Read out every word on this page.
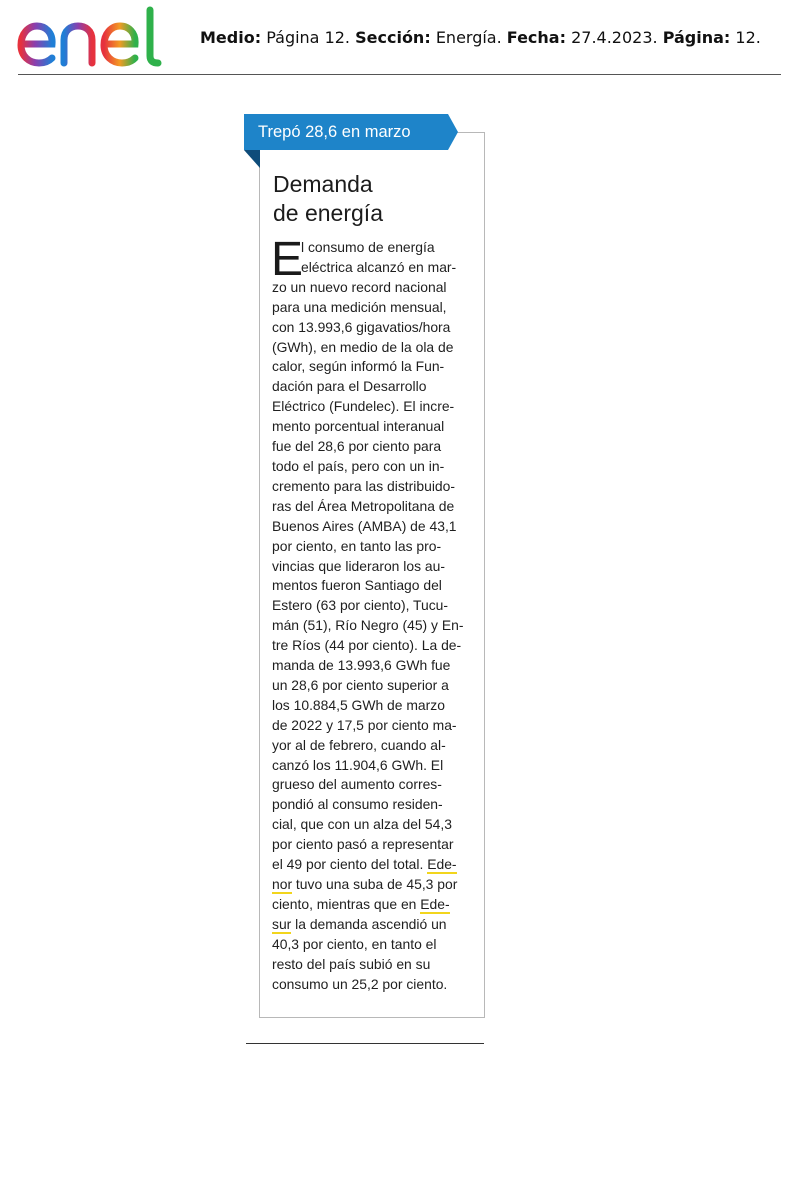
Medio: Página 12. Sección: Energía. Fecha: 27.4.2023. Página: 12.
Trepó 28,6 en marzo
Demanda
de energía
E
l consumo de energía
eléctrica alcanzó en mar-
zo un nuevo record nacional
para una medición mensual,
con 13.993,6 gigavatios/hora
(GWh), en medio de la ola de
calor, según informó la Fun-
dación para el Desarrollo
Eléctrico (Fundelec). El incre-
mento porcentual interanual
fue del 28,6 por ciento para
todo el país, pero con un in-
cremento para las distribuido-
ras del Área Metropolitana de
Buenos Aires (AMBA) de 43,1
por ciento, en tanto las pro-
vincias que lideraron los au-
mentos fueron Santiago del
Estero (63 por ciento), Tucu-
mán (51), Río Negro (45) y En-
tre Ríos (44 por ciento). La de-
manda de 13.993,6 GWh fue
un 28,6 por ciento superior a
los 10.884,5 GWh de marzo
de 2022 y 17,5 por ciento ma-
yor al de febrero, cuando al-
canzó los 11.904,6 GWh. El
grueso del aumento corres-
pondió al consumo residen-
cial, que con un alza del 54,3
por ciento pasó a representar
el 49 por ciento del total. Ede-
nor tuvo una suba de 45,3 por
ciento, mientras que en Ede-
sur la demanda ascendió un
40,3 por ciento, en tanto el
resto del país subió en su
consumo un 25,2 por ciento.
